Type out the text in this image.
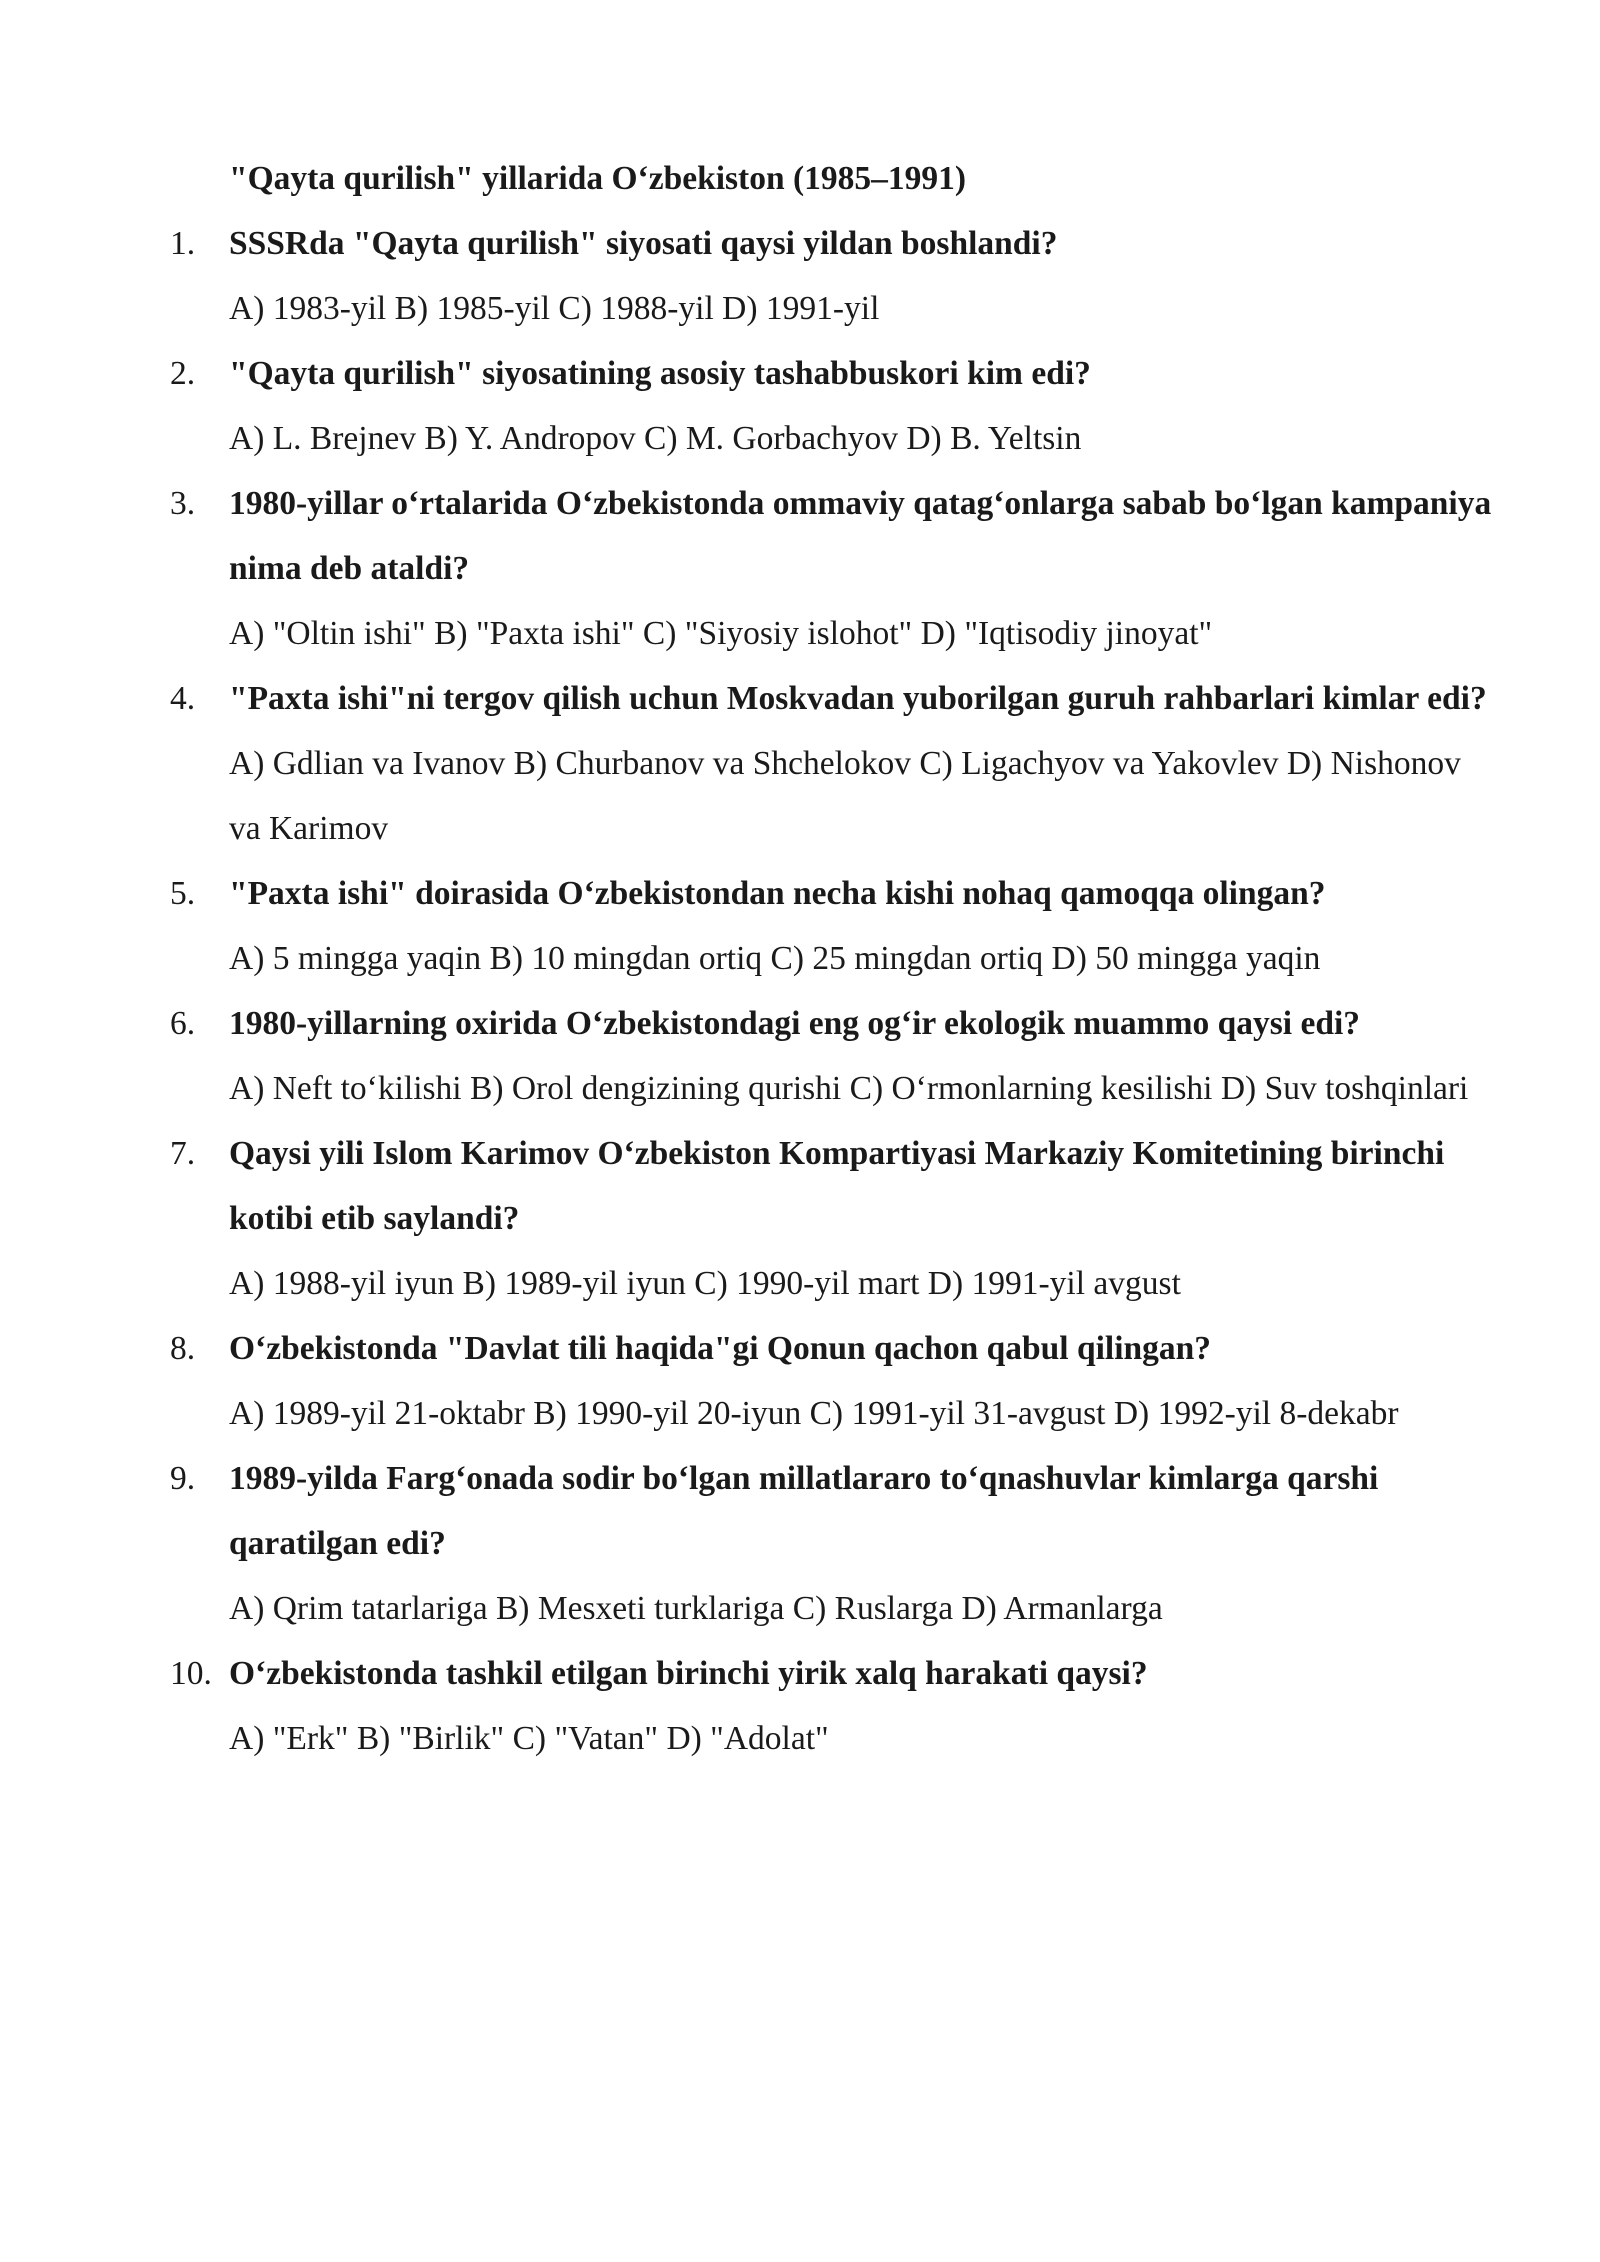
"Qayta qurilish" yillarida O‘zbekiston (1985–1991)
1. SSSRda "Qayta qurilish" siyosati qaysi yildan boshlandi?
A) 1983-yil B) 1985-yil C) 1988-yil D) 1991-yil
2. "Qayta qurilish" siyosatining asosiy tashabbuskori kim edi?
A) L. Brejnev B) Y. Andropov C) M. Gorbachyov D) B. Yeltsin
3. 1980-yillar o‘rtalarida O‘zbekistonda ommaviy qatag‘onlarga sabab bo‘lgan kampaniya nima deb ataldi?
A) "Oltin ishi" B) "Paxta ishi" C) "Siyosiy islohot" D) "Iqtisodiy jinoyat"
4. "Paxta ishi"ni tergov qilish uchun Moskvadan yuborilgan guruh rahbarlari kimlar edi?
A) Gdlian va Ivanov B) Churbanov va Shchelokov C) Ligachyov va Yakovlev D) Nishonov va Karimov
5. "Paxta ishi" doirasida O‘zbekistondan necha kishi nohaq qamoqqa olingan?
A) 5 mingga yaqin B) 10 mingdan ortiq C) 25 mingdan ortiq D) 50 mingga yaqin
6. 1980-yillarning oxirida O‘zbekistondagi eng og‘ir ekologik muammo qaysi edi?
A) Neft to‘kilishi B) Orol dengizining qurishi C) O‘rmonlarning kesilishi D) Suv toshqinlari
7. Qaysi yili Islom Karimov O‘zbekiston Kompartiyasi Markaziy Komitetining birinchi kotibi etib saylandi?
A) 1988-yil iyun B) 1989-yil iyun C) 1990-yil mart D) 1991-yil avgust
8. O‘zbekistonda "Davlat tili haqida"gi Qonun qachon qabul qilingan?
A) 1989-yil 21-oktabr B) 1990-yil 20-iyun C) 1991-yil 31-avgust D) 1992-yil 8-dekabr
9. 1989-yilda Farg‘onada sodir bo‘lgan millatlararo to‘qnashuvlar kimlarga qarshi qaratilgan edi?
A) Qrim tatarlariga B) Mesxeti turklariga C) Ruslarga D) Armanlarga
10. O‘zbekistonda tashkil etilgan birinchi yirik xalq harakati qaysi?
A) "Erk" B) "Birlik" C) "Vatan" D) "Adolat"
